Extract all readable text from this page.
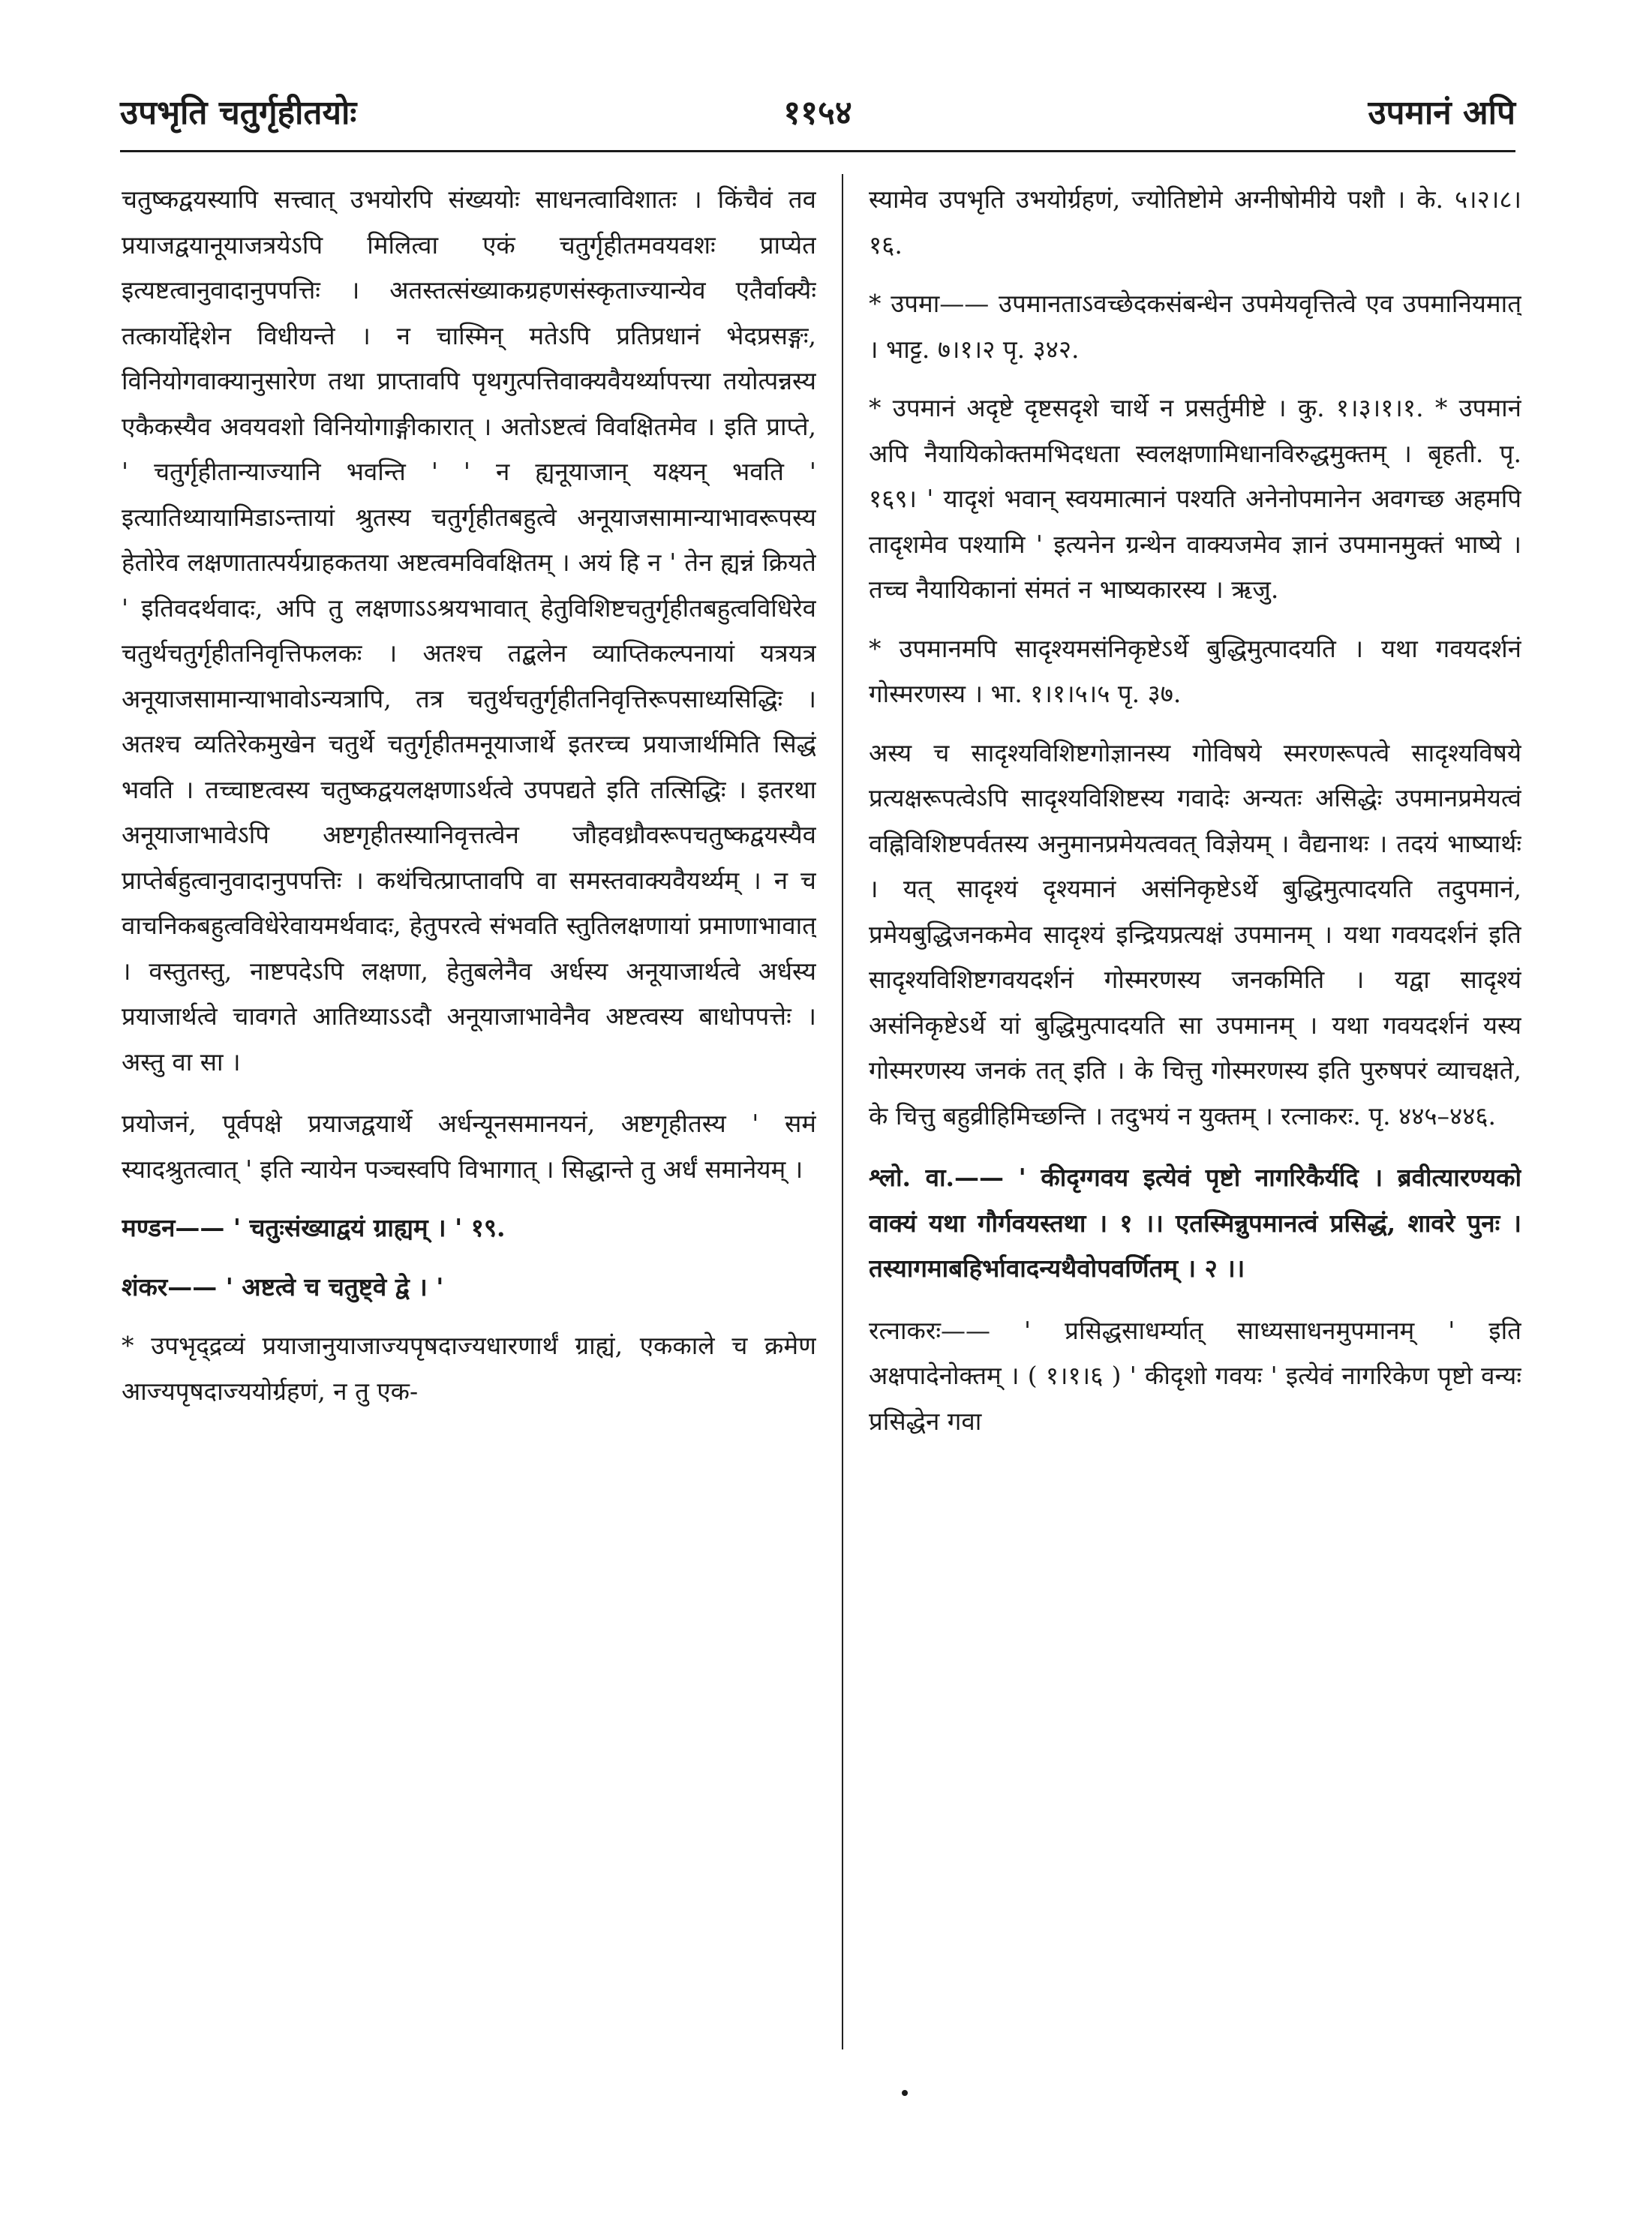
उपभृति चतुर्गृहीतयोः	११५४	उपमानं अपि

चतुष्कद्वयस्यापि सत्त्वात् उभयोरपि संख्ययोः साधनत्वाविशातः । किंचैवं तव प्रयाजद्वयानूयाजत्रयेऽपि मिलित्वा एकं चतुर्गृहीतमवयवशः प्राप्येत इत्यष्टत्वानुवादानुपपत्तिः । अतस्तत्संख्याकग्रहणसंस्कृताज्यान्येव एतैर्वाक्यैः तत्कार्योद्देशेन विधीयन्ते । न चास्मिन् मतेऽपि प्रतिप्रधानं भेदप्रसङ्गः, विनियोगवाक्यानुसारेण तथा प्राप्तावपि पृथगुत्पत्तिवाक्यवैयर्थ्यापत्त्या तयोत्पन्नस्य एकैकस्यैव अवयवशो विनियोगाङ्गीकारात् । अतोऽष्टत्वं विवक्षितमेव । इति प्राप्ते, ' चतुर्गृहीतान्याज्यानि भवन्ति ' ' न ह्यनूयाजान् यक्ष्यन् भवति ' इत्यातिथ्यायामिडाऽन्तायां श्रुतस्य चतुर्गृहीतबहुत्वे अनूयाजसामान्याभावरूपस्य हेतोरेव लक्षणातात्पर्यग्राहकतया अष्टत्वमविवक्षितम् । अयं हि न ' तेन ह्यन्नं क्रियते ' इतिवदर्थवादः, अपि तु लक्षणाऽऽश्रयभावात् हेतुविशिष्टचतुर्गृहीतबहुत्वविधिरेव चतुर्थचतुर्गृहीतनिवृत्तिफलकः । अतश्च तद्बलेन व्याप्तिकल्पनायां यत्रयत्र अनूयाजसामान्याभावोऽन्यत्रापि, तत्र चतुर्थचतुर्गृहीतनिवृत्तिरूपसाध्यसिद्धिः । अतश्च व्यतिरेकमुखेन चतुर्थे चतुर्गृहीतमनूयाजार्थे इतरच्च प्रयाजार्थमिति सिद्धं भवति । तच्चाष्टत्वस्य चतुष्कद्वयलक्षणाऽर्थत्वे उपपद्यते इति तत्सिद्धिः । इतरथा अनूयाजाभावेऽपि अष्टगृहीतस्यानिवृत्तत्वेन जौहवध्रौवरूपचतुष्कद्वयस्यैव प्राप्तेर्बहुत्वानुवादानुपपत्तिः । कथंचित्प्राप्तावपि वा समस्तवाक्यवैयर्थ्यम् । न च वाचनिकबहुत्वविधेरेवायमर्थवादः, हेतुपरत्वे संभवति स्तुतिलक्षणायां प्रमाणाभावात् । वस्तुतस्तु, नाष्टपदेऽपि लक्षणा, हेतुबलेनैव अर्धस्य अनूयाजार्थत्वे अर्धस्य प्रयाजार्थत्वे चावगते आतिथ्याऽऽदौ अनूयाजाभावेनैव अष्टत्वस्य बाधोपपत्तेः । अस्तु वा सा ।

प्रयोजनं, पूर्वपक्षे प्रयाजद्वयार्थे अर्धन्यूनसमानयनं, अष्टगृहीतस्य ' समं स्यादश्रुतत्वात् ' इति न्यायेन पञ्चस्वपि विभागात् । सिद्धान्ते तु अर्धं समानेयम् ।

मण्डन—— ' चतुःसंख्याद्वयं ग्राह्यम् । ' १९.

शंकर—— ' अष्टत्वे च चतुष्ट्वे द्वे । '

* उपभृद्द्रव्यं प्रयाजानुयाजाज्यपृषदाज्यधारणार्थं ग्राह्यं, एककाले च क्रमेण आज्यपृषदाज्ययोर्ग्रहणं, न तु एक-

स्यामेव उपभृति उभयोर्ग्रहणं, ज्योतिष्टोमे अग्नीषोमीये पशौ । के. ५।२।८।१६.

* उपमा—— उपमानताऽवच्छेदकसंबन्धेन उपमेयवृत्तित्वे एव उपमानियमात् । भाट्ट. ७।१।२ पृ. ३४२.

* उपमानं अदृष्टे दृष्टसदृशे चार्थे न प्रसर्तुमीष्टे । कु. १।३।१।१. * उपमानं अपि नैयायिकोक्तमभिदधता स्वलक्षणामिधानविरुद्धमुक्तम् । बृहती. पृ. १६९। ' यादृशं भवान् स्वयमात्मानं पश्यति अनेनोपमानेन अवगच्छ अहमपि तादृशमेव पश्यामि ' इत्यनेन ग्रन्थेन वाक्यजमेव ज्ञानं उपमानमुक्तं भाष्ये । तच्च नैयायिकानां संमतं न भाष्यकारस्य । ऋजु.

* उपमानमपि सादृश्यमसंनिकृष्टेऽर्थे बुद्धिमुत्पादयति । यथा गवयदर्शनं गोस्मरणस्य । भा. १।१।५।५ पृ. ३७.

अस्य च सादृश्यविशिष्टगोज्ञानस्य गोविषये स्मरणरूपत्वे सादृश्यविषये प्रत्यक्षरूपत्वेऽपि सादृश्यविशिष्टस्य गवादेः अन्यतः असिद्धेः उपमानप्रमेयत्वं वह्निविशिष्टपर्वतस्य अनुमानप्रमेयत्ववत् विज्ञेयम् । वैद्यनाथः । तदयं भाष्यार्थः । यत् सादृश्यं दृश्यमानं असंनिकृष्टेऽर्थे बुद्धिमुत्पादयति तदुपमानं, प्रमेयबुद्धिजनकमेव सादृश्यं इन्द्रियप्रत्यक्षं उपमानम् । यथा गवयदर्शनं इति सादृश्यविशिष्टगवयदर्शनं गोस्मरणस्य जनकमिति । यद्वा सादृश्यं असंनिकृष्टेऽर्थे यां बुद्धिमुत्पादयति सा उपमानम् । यथा गवयदर्शनं यस्य गोस्मरणस्य जनकं तत् इति । के चित्तु गोस्मरणस्य इति पुरुषपरं व्याचक्षते, के चित्तु बहुव्रीहिमिच्छन्ति । तदुभयं न युक्तम् । रत्नाकरः. पृ. ४४५–४४६.

श्लो. वा.—— ' कीदृग्गवय इत्येवं पृष्टो नागरिकैर्यदि । ब्रवीत्यारण्यको वाक्यं यथा गौर्गवयस्तथा । १ ।। एतस्मिन्नुपमानत्वं प्रसिद्धं, शावरे पुनः । तस्यागमाबहिर्भावादन्यथैवोपवर्णितम् । २ ।।

रत्नाकरः—— ' प्रसिद्धसाधर्म्यात् साध्यसाधनमुपमानम् ' इति अक्षपादेनोक्तम् । ( १।१।६ ) ' कीदृशो गवयः ' इत्येवं नागरिकेण पृष्टो वन्यः प्रसिद्धेन गवा
